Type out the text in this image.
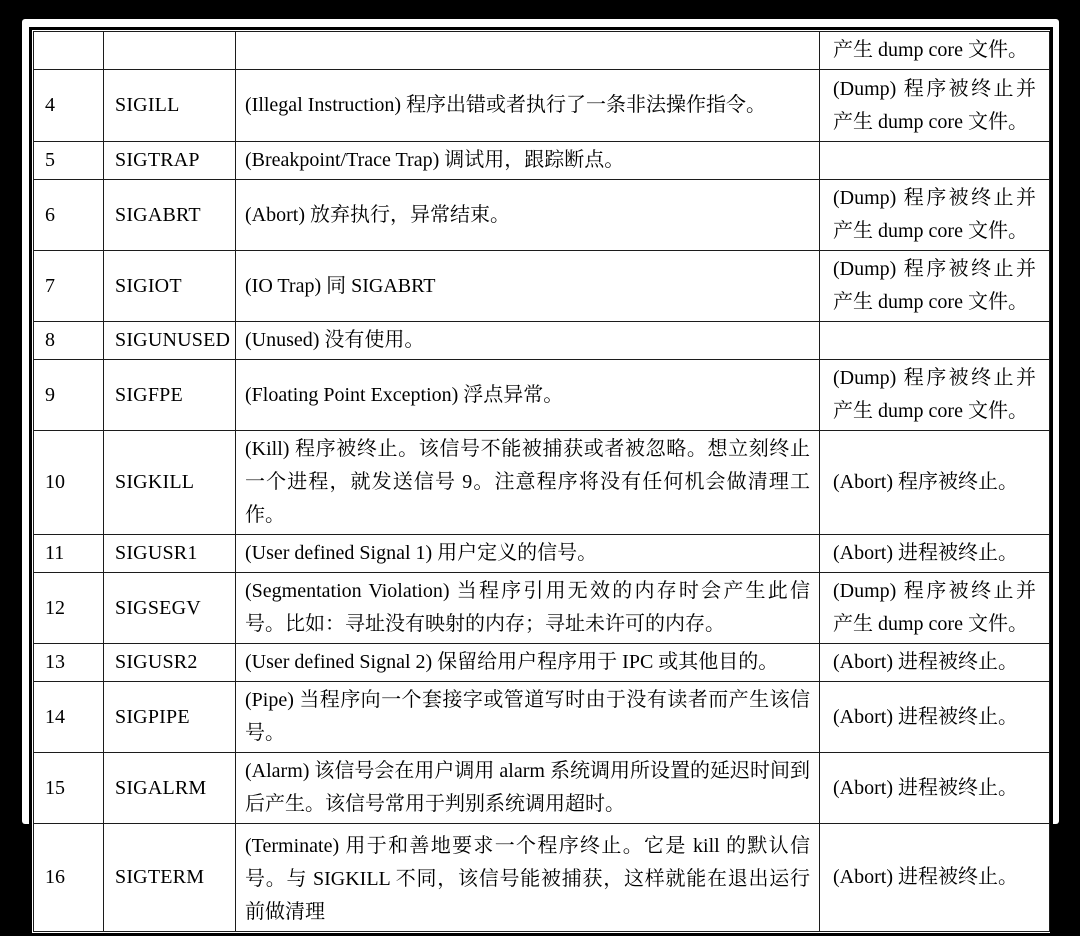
			产生 dump core 文件。
4	SIGILL	(Illegal Instruction) 程序出错或者执行了一条非法操作指令。	(Dump) 程序被终止并产生 dump core 文件。
5	SIGTRAP	(Breakpoint/Trace Trap) 调试用，跟踪断点。	
6	SIGABRT	(Abort) 放弃执行，异常结束。	(Dump) 程序被终止并产生 dump core 文件。
7	SIGIOT	(IO Trap) 同 SIGABRT	(Dump) 程序被终止并产生 dump core 文件。
8	SIGUNUSED	(Unused) 没有使用。	
9	SIGFPE	(Floating Point Exception) 浮点异常。	(Dump) 程序被终止并产生 dump core 文件。
10	SIGKILL	(Kill) 程序被终止。该信号不能被捕获或者被忽略。想立刻终止一个进程，就发送信号 9。注意程序将没有任何机会做清理工作。	(Abort) 程序被终止。
11	SIGUSR1	(User defined Signal 1) 用户定义的信号。	(Abort) 进程被终止。
12	SIGSEGV	(Segmentation Violation) 当程序引用无效的内存时会产生此信号。比如：寻址没有映射的内存；寻址未许可的内存。	(Dump) 程序被终止并产生 dump core 文件。
13	SIGUSR2	(User defined Signal 2) 保留给用户程序用于 IPC 或其他目的。	(Abort) 进程被终止。
14	SIGPIPE	(Pipe) 当程序向一个套接字或管道写时由于没有读者而产生该信号。	(Abort) 进程被终止。
15	SIGALRM	(Alarm) 该信号会在用户调用 alarm 系统调用所设置的延迟时间到后产生。该信号常用于判别系统调用超时。	(Abort) 进程被终止。
16	SIGTERM	(Terminate) 用于和善地要求一个程序终止。它是 kill 的默认信号。与 SIGKILL 不同，该信号能被捕获，这样就能在退出运行前做清理	(Abort) 进程被终止。
